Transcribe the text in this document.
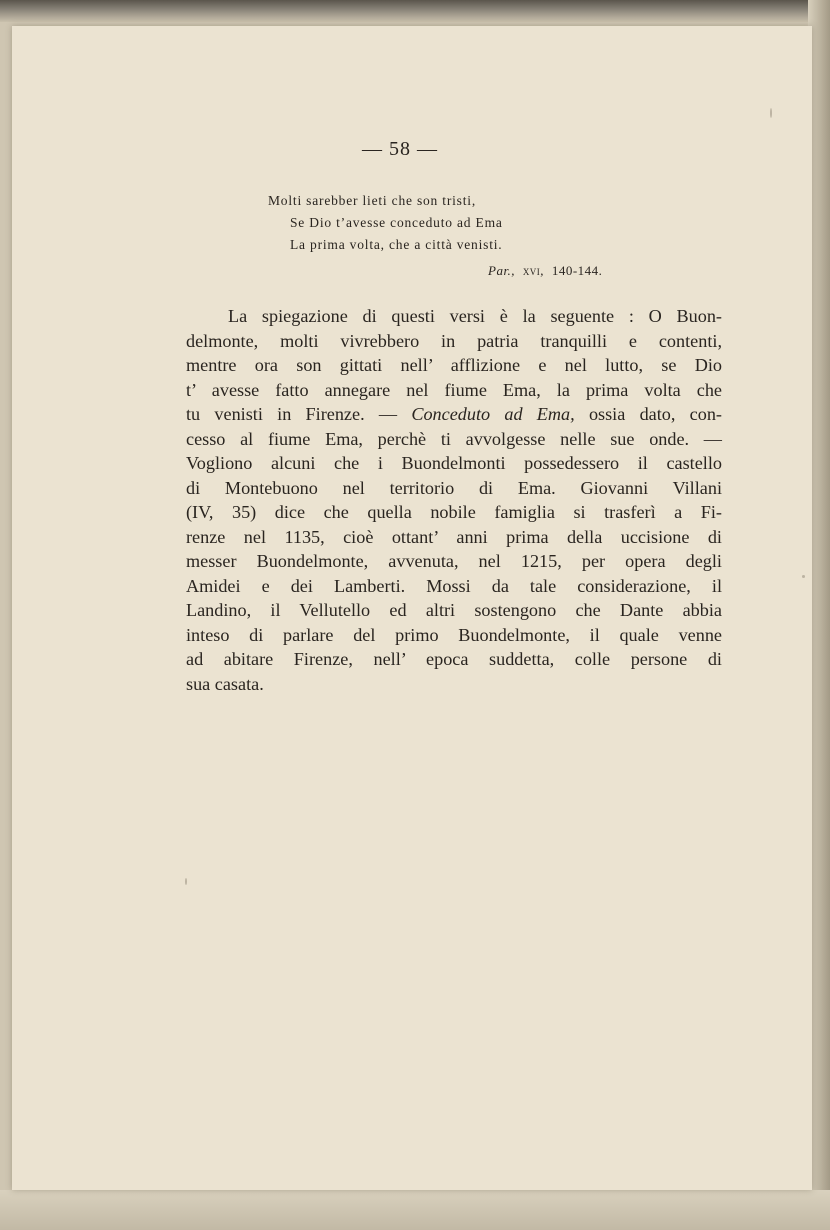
— 58 —
Molti sarebber lieti che son tristi,
Se Dio t’avesse conceduto ad Ema
La prima volta, che a città venisti.
Par., xvi, 140-144.
La spiegazione di questi versi è la seguente : O Buon-
delmonte, molti vivrebbero in patria tranquilli e contenti,
mentre ora son gittati nell’ afflizione e nel lutto, se Dio
t’ avesse fatto annegare nel fiume Ema, la prima volta che
tu venisti in Firenze. — Conceduto ad Ema, ossia dato, con-
cesso al fiume Ema, perchè ti avvolgesse nelle sue onde. —
Vogliono alcuni che i Buondelmonti possedessero il castello
di Montebuono nel territorio di Ema. Giovanni Villani
(IV, 35) dice che quella nobile famiglia si trasferì a Fi-
renze nel 1135, cioè ottant’ anni prima della uccisione di
messer Buondelmonte, avvenuta, nel 1215, per opera degli
Amidei e dei Lamberti. Mossi da tale considerazione, il
Landino, il Vellutello ed altri sostengono che Dante abbia
inteso di parlare del primo Buondelmonte, il quale venne
ad abitare Firenze, nell’ epoca suddetta, colle persone di
sua casata.
